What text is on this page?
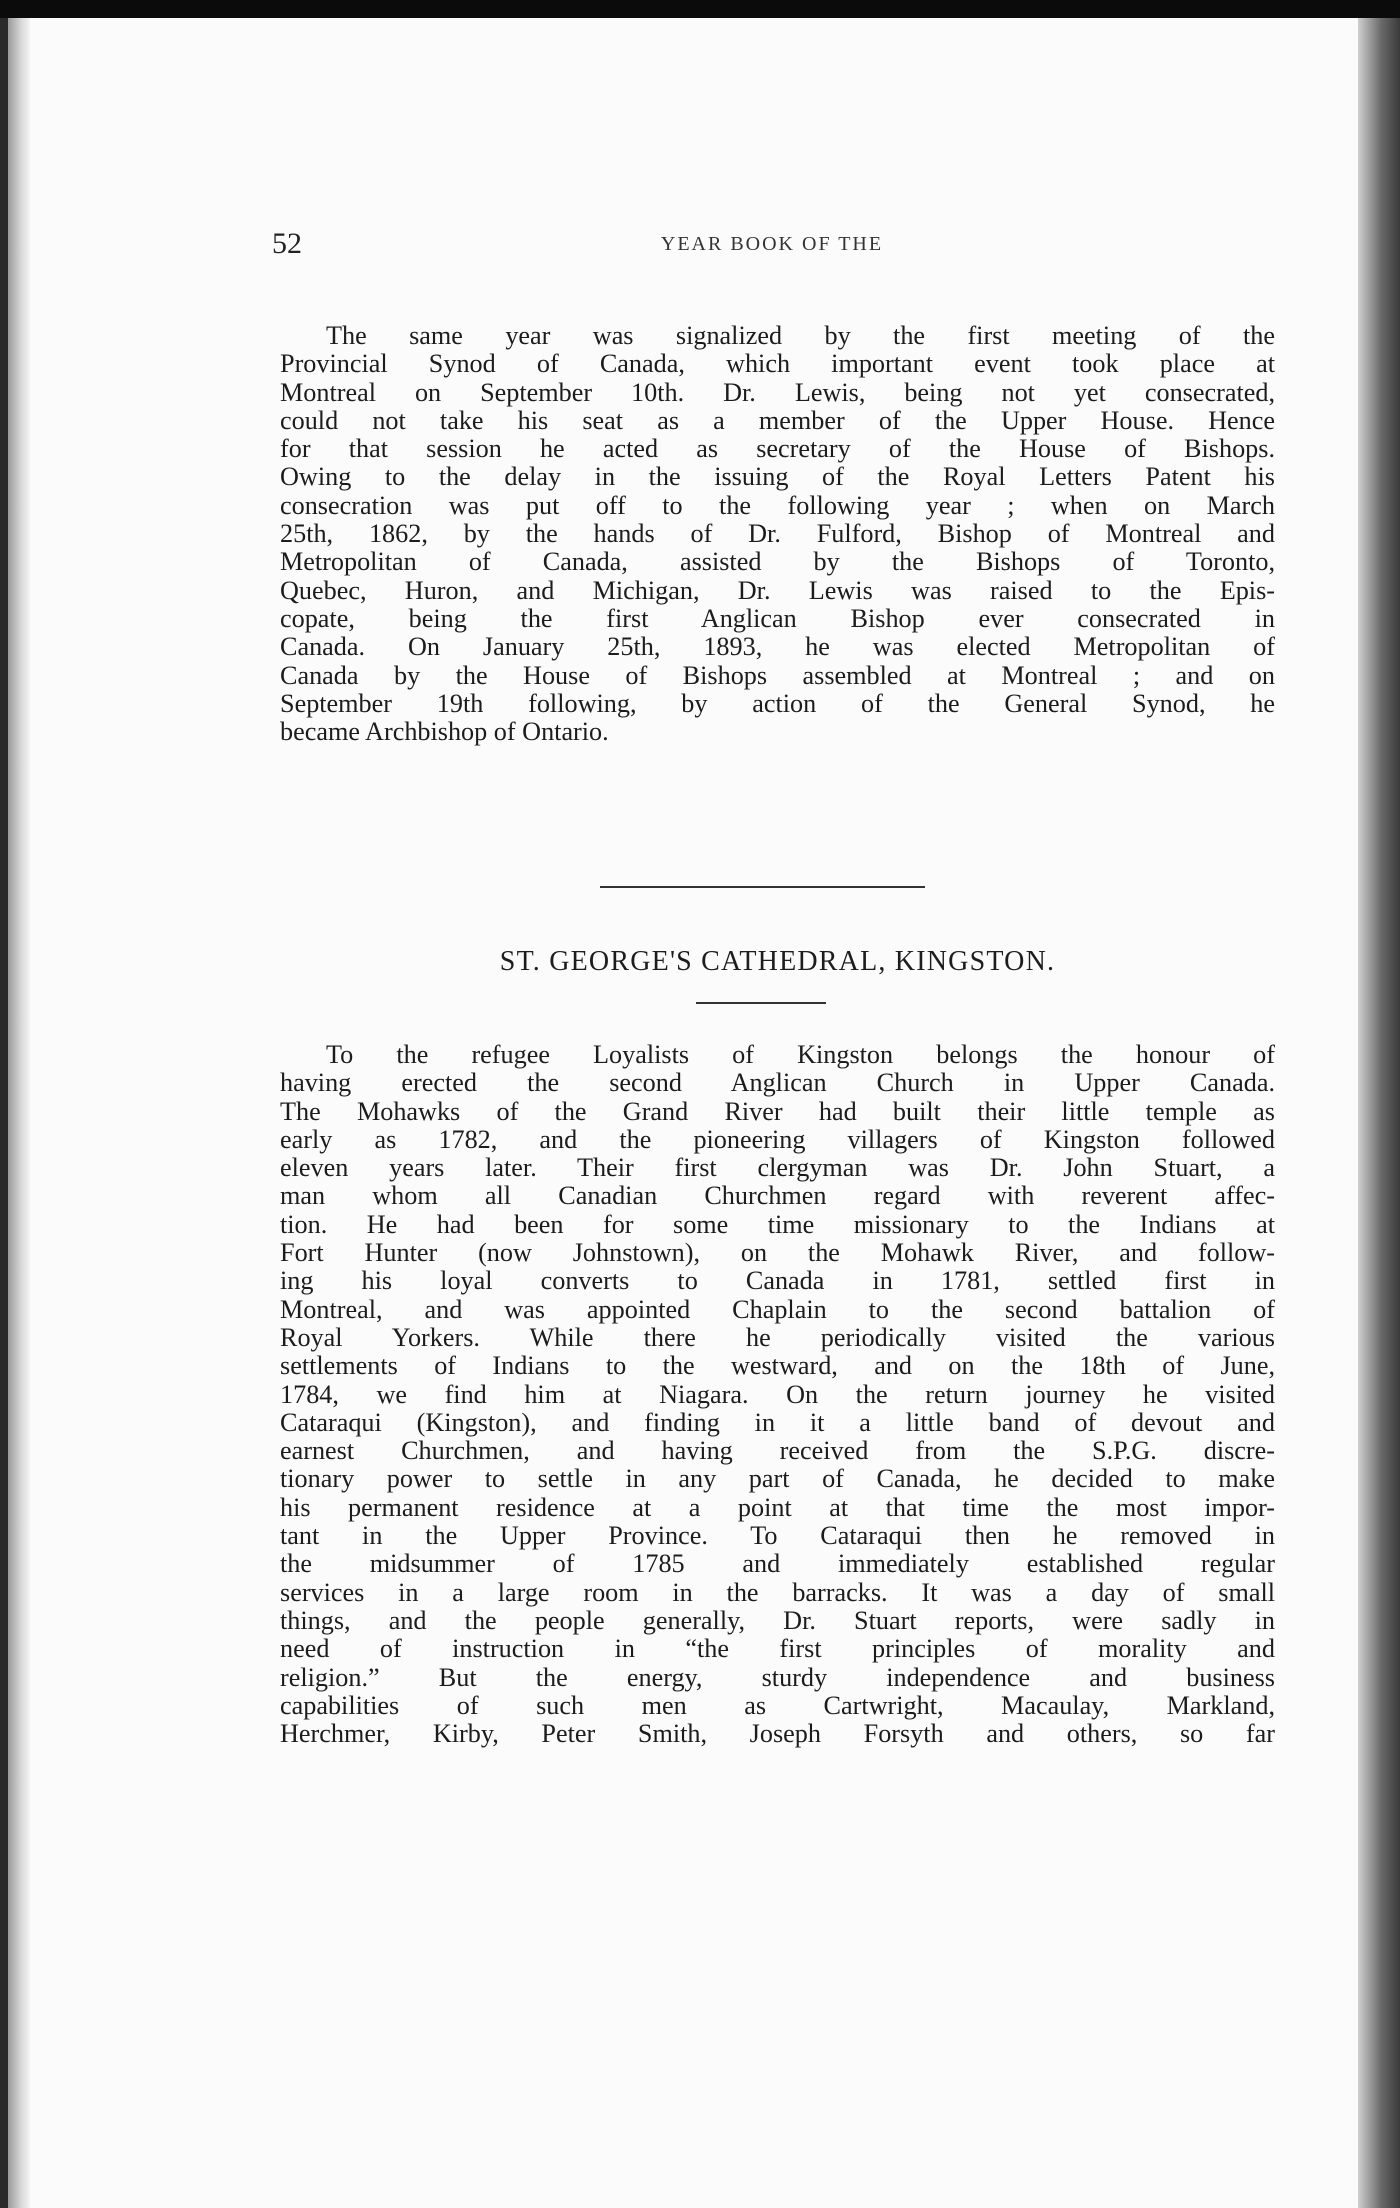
52	YEAR BOOK OF THE
The same year was signalized by the first meeting of the
Provincial Synod of Canada, which important event took place at
Montreal on September 10th. Dr. Lewis, being not yet consecrated,
could not take his seat as a member of the Upper House. Hence
for that session he acted as secretary of the House of Bishops.
Owing to the delay in the issuing of the Royal Letters Patent his
consecration was put off to the following year ; when on March
25th, 1862, by the hands of Dr. Fulford, Bishop of Montreal and
Metropolitan of Canada, assisted by the Bishops of Toronto,
Quebec, Huron, and Michigan, Dr. Lewis was raised to the Epis-
copate, being the first Anglican Bishop ever consecrated in
Canada. On January 25th, 1893, he was elected Metropolitan of
Canada by the House of Bishops assembled at Montreal ; and on
September 19th following, by action of the General Synod, he
became Archbishop of Ontario.
ST. GEORGE'S CATHEDRAL, KINGSTON.
To the refugee Loyalists of Kingston belongs the honour of
having erected the second Anglican Church in Upper Canada.
The Mohawks of the Grand River had built their little temple as
early as 1782, and the pioneering villagers of Kingston followed
eleven years later. Their first clergyman was Dr. John Stuart, a
man whom all Canadian Churchmen regard with reverent affec-
tion. He had been for some time missionary to the Indians at
Fort Hunter (now Johnstown), on the Mohawk River, and follow-
ing his loyal converts to Canada in 1781, settled first in
Montreal, and was appointed Chaplain to the second battalion of
Royal Yorkers. While there he periodically visited the various
settlements of Indians to the westward, and on the 18th of June,
1784, we find him at Niagara. On the return journey he visited
Cataraqui (Kingston), and finding in it a little band of devout and
earnest Churchmen, and having received from the S.P.G. discre-
tionary power to settle in any part of Canada, he decided to make
his permanent residence at a point at that time the most impor-
tant in the Upper Province. To Cataraqui then he removed in
the midsummer of 1785 and immediately established regular
services in a large room in the barracks. It was a day of small
things, and the people generally, Dr. Stuart reports, were sadly in
need of instruction in “the first principles of morality and
religion.” But the energy, sturdy independence and business
capabilities of such men as Cartwright, Macaulay, Markland,
Herchmer, Kirby, Peter Smith, Joseph Forsyth and others, so far
